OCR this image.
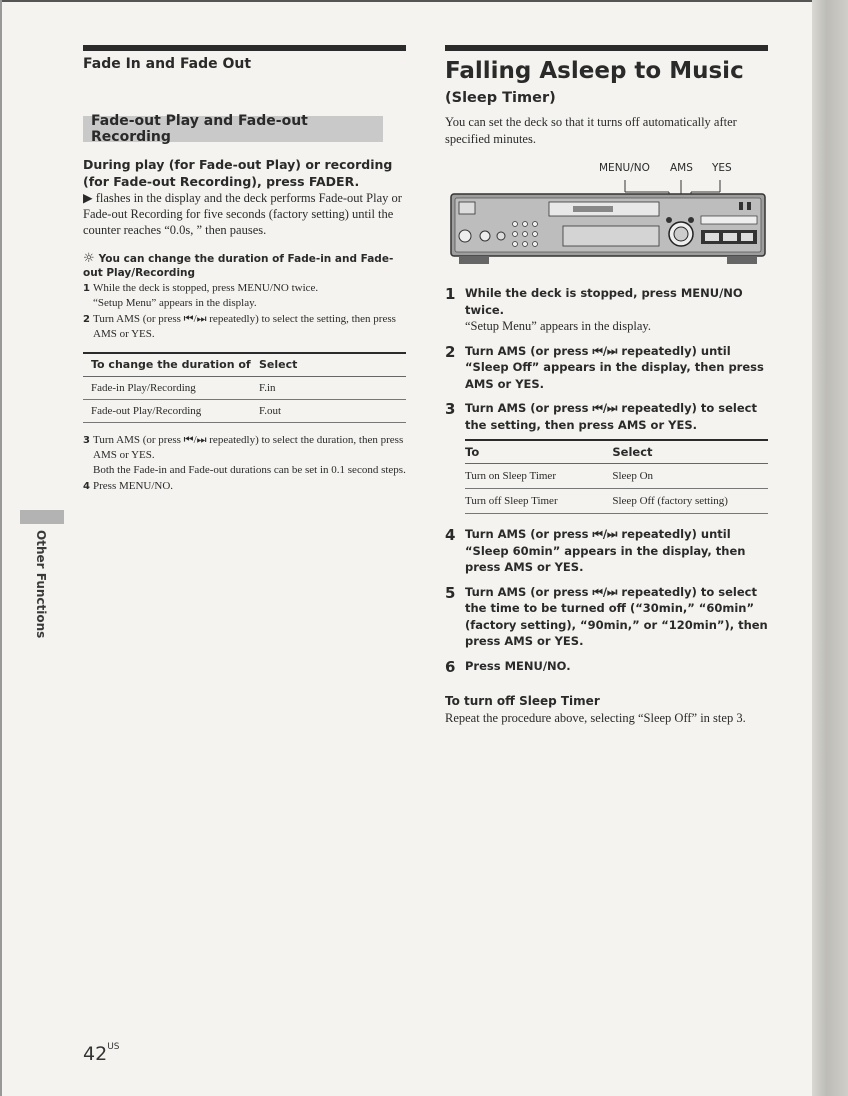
Fade In and Fade Out
Fade-out Play and Fade-out Recording
During play (for Fade-out Play) or recording (for Fade-out Recording), press FADER.
▶ flashes in the display and the deck performs Fade-out Play or Fade-out Recording for five seconds (factory setting) until the counter reaches “0.0s, ” then pauses.
☼ You can change the duration of Fade-in and Fade-out Play/Recording
1 While the deck is stopped, press MENU/NO twice.
“Setup Menu” appears in the display.
2 Turn AMS (or press ⏮/⏭ repeatedly) to select the setting, then press AMS or YES.
To change the duration of	Select
Fade-in Play/Recording	F.in
Fade-out Play/Recording	F.out
3 Turn AMS (or press ⏮/⏭ repeatedly) to select the duration, then press AMS or YES.
Both the Fade-in and Fade-out durations can be set in 0.1 second steps.
4 Press MENU/NO.
Falling Asleep to Music
(Sleep Timer)
You can set the deck so that it turns off automatically after specified minutes.
MENU/NO AMS YES
1 While the deck is stopped, press MENU/NO twice.
“Setup Menu” appears in the display.
2 Turn AMS (or press ⏮/⏭ repeatedly) until “Sleep Off” appears in the display, then press AMS or YES.
3 Turn AMS (or press ⏮/⏭ repeatedly) to select the setting, then press AMS or YES.
To	Select
Turn on Sleep Timer	Sleep On
Turn off Sleep Timer	Sleep Off (factory setting)
4 Turn AMS (or press ⏮/⏭ repeatedly) until “Sleep 60min” appears in the display, then press AMS or YES.
5 Turn AMS (or press ⏮/⏭ repeatedly) to select the time to be turned off (“30min,” “60min” (factory setting), “90min,” or “120min”), then press AMS or YES.
6 Press MENU/NO.
To turn off Sleep Timer
Repeat the procedure above, selecting “Sleep Off” in step 3.
Other Functions
$42^{US}$
